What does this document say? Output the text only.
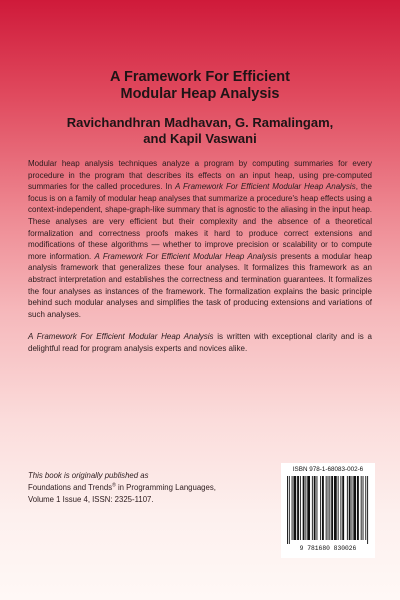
A Framework For Efficient
Modular Heap Analysis
Ravichandhran Madhavan, G. Ramalingam,
and Kapil Vaswani

Modular heap analysis techniques analyze a program by computing summaries for every procedure in the program that describes its effects on an input heap, using pre-computed summaries for the called procedures. In A Framework For Efficient Modular Heap Analysis, the focus is on a family of modular heap analyses that summarize a procedure's heap effects using a context-independent, shape-graph-like summary that is agnostic to the aliasing in the input heap. These analyses are very efficient but their complexity and the absence of a theoretical formalization and correctness proofs makes it hard to produce correct extensions and modifications of these algorithms — whether to improve precision or scalability or to compute more information. A Framework For Efficient Modular Heap Analysis presents a modular heap analysis framework that generalizes these four analyses. It formalizes this framework as an abstract interpretation and establishes the correctness and termination guarantees. It formalizes the four analyses as instances of the framework. The formalization explains the basic principle behind such modular analyses and simplifies the task of producing extensions and variations of such analyses.

A Framework For Efficient Modular Heap Analysis is written with exceptional clarity and is a delightful read for program analysis experts and novices alike.

This book is originally published as
Foundations and Trends® in Programming Languages,
Volume 1 Issue 4, ISSN: 2325-1107.
ISBN 978-1-68083-002-6
9 781680 830026
